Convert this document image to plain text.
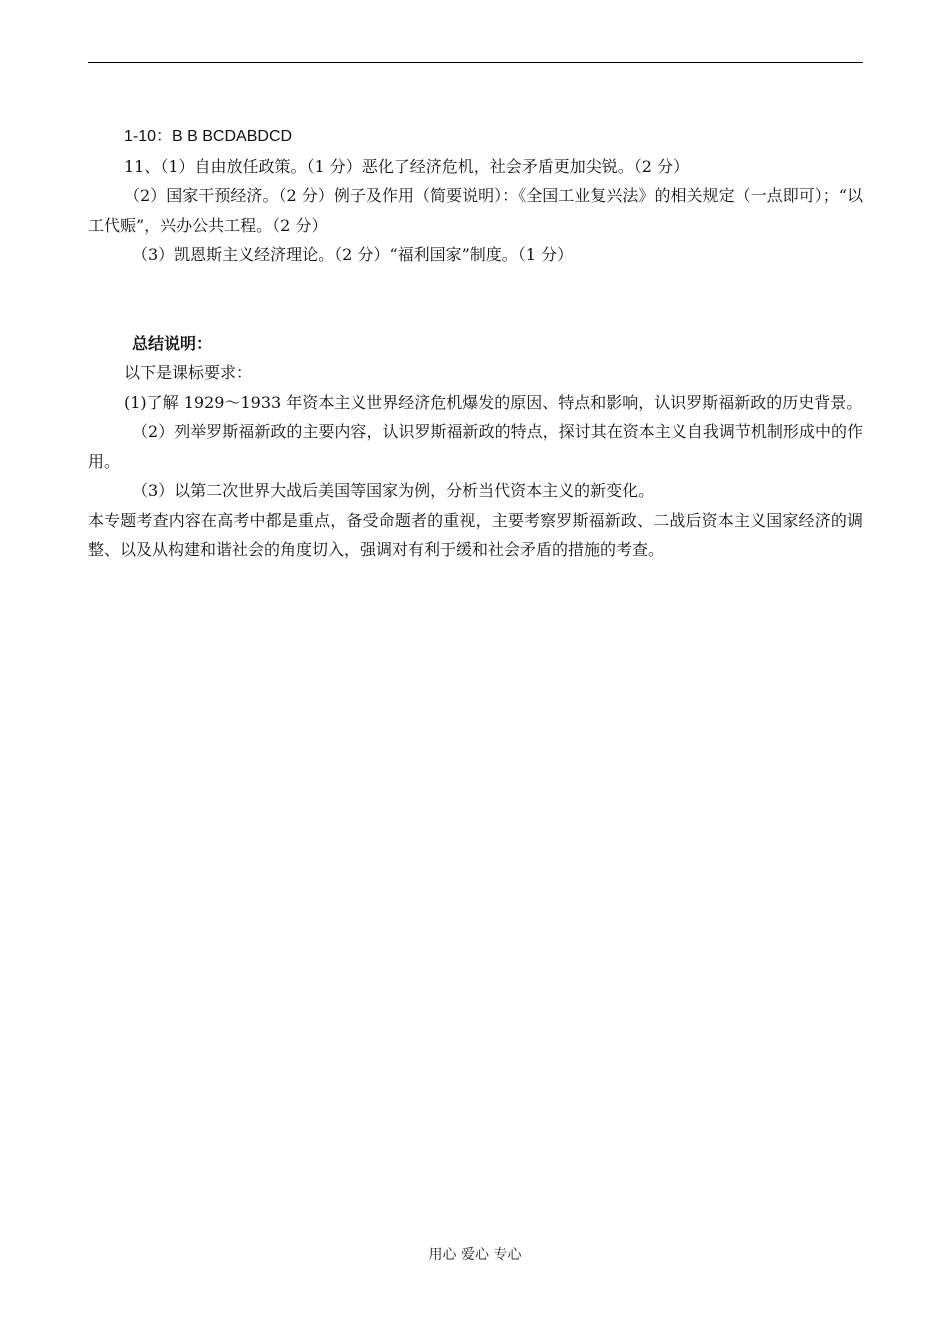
1-10：B B BCDABDCD

11、（1）自由放任政策。（1 分）恶化了经济危机，社会矛盾更加尖锐。（2 分）

（2）国家干预经济。（2 分）例子及作用（简要说明）：《全国工业复兴法》的相关规定（一点即可）；“以工代赈”，兴办公共工程。（2 分）

（3）凯恩斯主义经济理论。（2 分）“福利国家”制度。（1 分）

总结说明：

以下是课标要求：

(1)了解 1929～1933 年资本主义世界经济危机爆发的原因、特点和影响，认识罗斯福新政的历史背景。

（2）列举罗斯福新政的主要内容，认识罗斯福新政的特点，探讨其在资本主义自我调节机制形成中的作用。

（3）以第二次世界大战后美国等国家为例，分析当代资本主义的新变化。

本专题考查内容在高考中都是重点，备受命题者的重视，主要考察罗斯福新政、二战后资本主义国家经济的调整、以及从构建和谐社会的角度切入，强调对有利于缓和社会矛盾的措施的考查。

用心 爱心 专心
